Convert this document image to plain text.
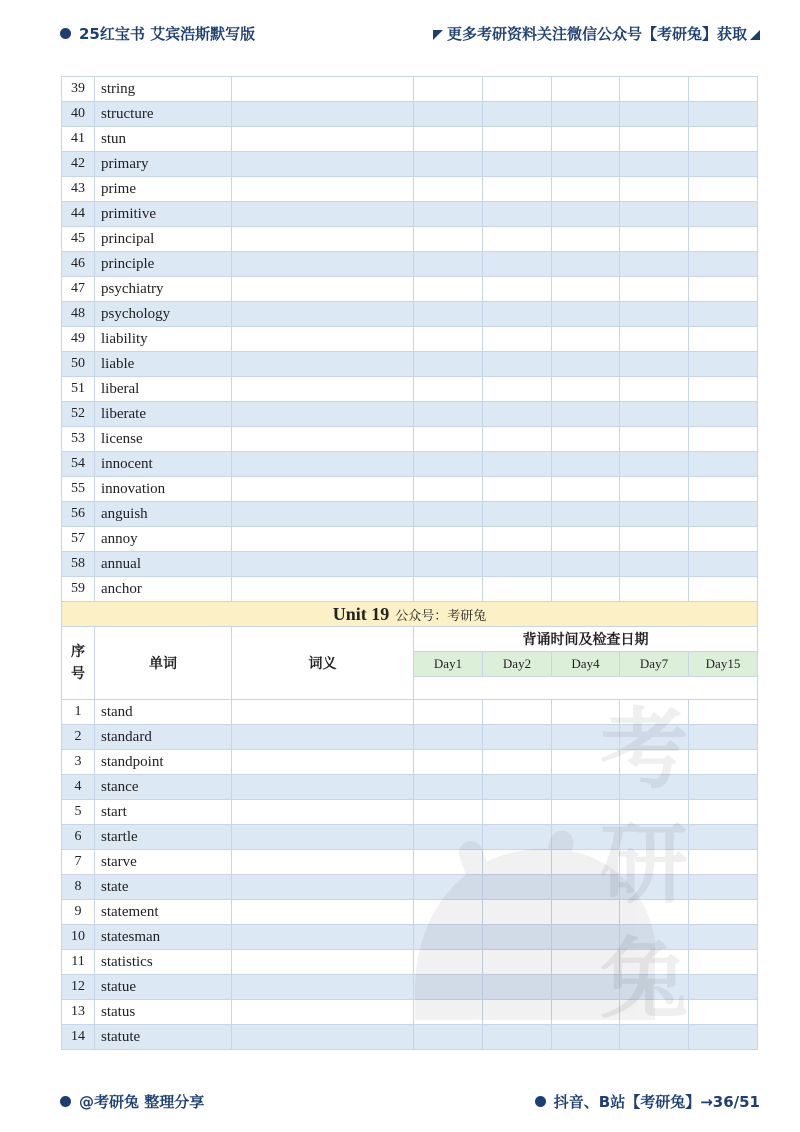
25红宝书 艾宾浩斯默写版	更多考研资料关注微信公众号【考研兔】获取
39	string						
40	structure						
41	stun						
42	primary						
43	prime						
44	primitive						
45	principal						
46	principle						
47	psychiatry						
48	psychology						
49	liability						
50	liable						
51	liberal						
52	liberate						
53	license						
54	innocent						
55	innovation						
56	anguish						
57	annoy						
58	annual						
59	anchor						
Unit 19 公众号：考研兔							
序
号	单词	词义	背诵时间及检查日期				
			Day1	Day2	Day4	Day7	Day15

1	stand						
2	standard						
3	standpoint						
4	stance						
5	start						
6	startle						
7	starve						
8	state						
9	statement						
10	statesman						
11	statistics						
12	statue						
13	status						
14	statute						
考
研
@考研兔 整理分享	抖音、B站【考研兔】→36/51
